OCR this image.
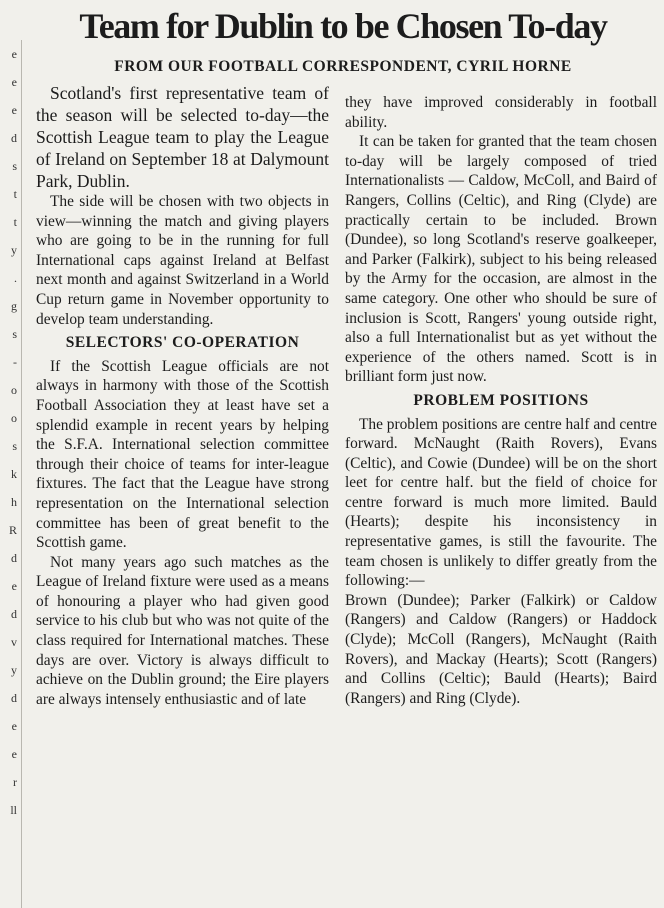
e
e
e
d
s
t
t
y
.
g
s
-
o
o
s
k
h
R
d
e
d
v
y
d
e
e
r
ll
Team for Dublin to be Chosen To-day
FROM OUR FOOTBALL CORRESPONDENT, CYRIL HORNE

Scotland's first representative team of the season will be selected to-day—the Scottish League team to play the League of Ireland on September 18 at Dalymount Park, Dublin.

The side will be chosen with two objects in view—winning the match and giving players who are going to be in the running for full International caps against Ireland at Belfast next month and against Switzerland in a World Cup return game in November opportunity to develop team understanding.

SELECTORS' CO-OPERATION

If the Scottish League officials are not always in harmony with those of the Scottish Football Association they at least have set a splendid example in recent years by helping the S.F.A. International selection committee through their choice of teams for inter-league fixtures. The fact that the League have strong representation on the International selection committee has been of great benefit to the Scottish game.

Not many years ago such matches as the League of Ireland fixture were used as a means of honouring a player who had given good service to his club but who was not quite of the class required for International matches. These days are over. Victory is always difficult to achieve on the Dublin ground; the Eire players are always intensely enthusiastic and of late

they have improved considerably in football ability.

It can be taken for granted that the team chosen to-day will be largely composed of tried Internationalists — Caldow, McColl, and Baird of Rangers, Collins (Celtic), and Ring (Clyde) are practically certain to be included. Brown (Dundee), so long Scotland's reserve goalkeeper, and Parker (Falkirk), subject to his being released by the Army for the occasion, are almost in the same category. One other who should be sure of inclusion is Scott, Rangers' young outside right, also a full Internationalist but as yet without the experience of the others named. Scott is in brilliant form just now.

PROBLEM POSITIONS

The problem positions are centre half and centre forward. McNaught (Raith Rovers), Evans (Celtic), and Cowie (Dundee) will be on the short leet for centre half. but the field of choice for centre forward is much more limited. Bauld (Hearts); despite his inconsistency in representative games, is still the favourite. The team chosen is unlikely to differ greatly from the following:—

Brown (Dundee); Parker (Falkirk) or Caldow (Rangers) and Caldow (Rangers) or Haddock (Clyde); McColl (Rangers), McNaught (Raith Rovers), and Mackay (Hearts); Scott (Rangers) and Collins (Celtic); Bauld (Hearts); Baird (Rangers) and Ring (Clyde).
